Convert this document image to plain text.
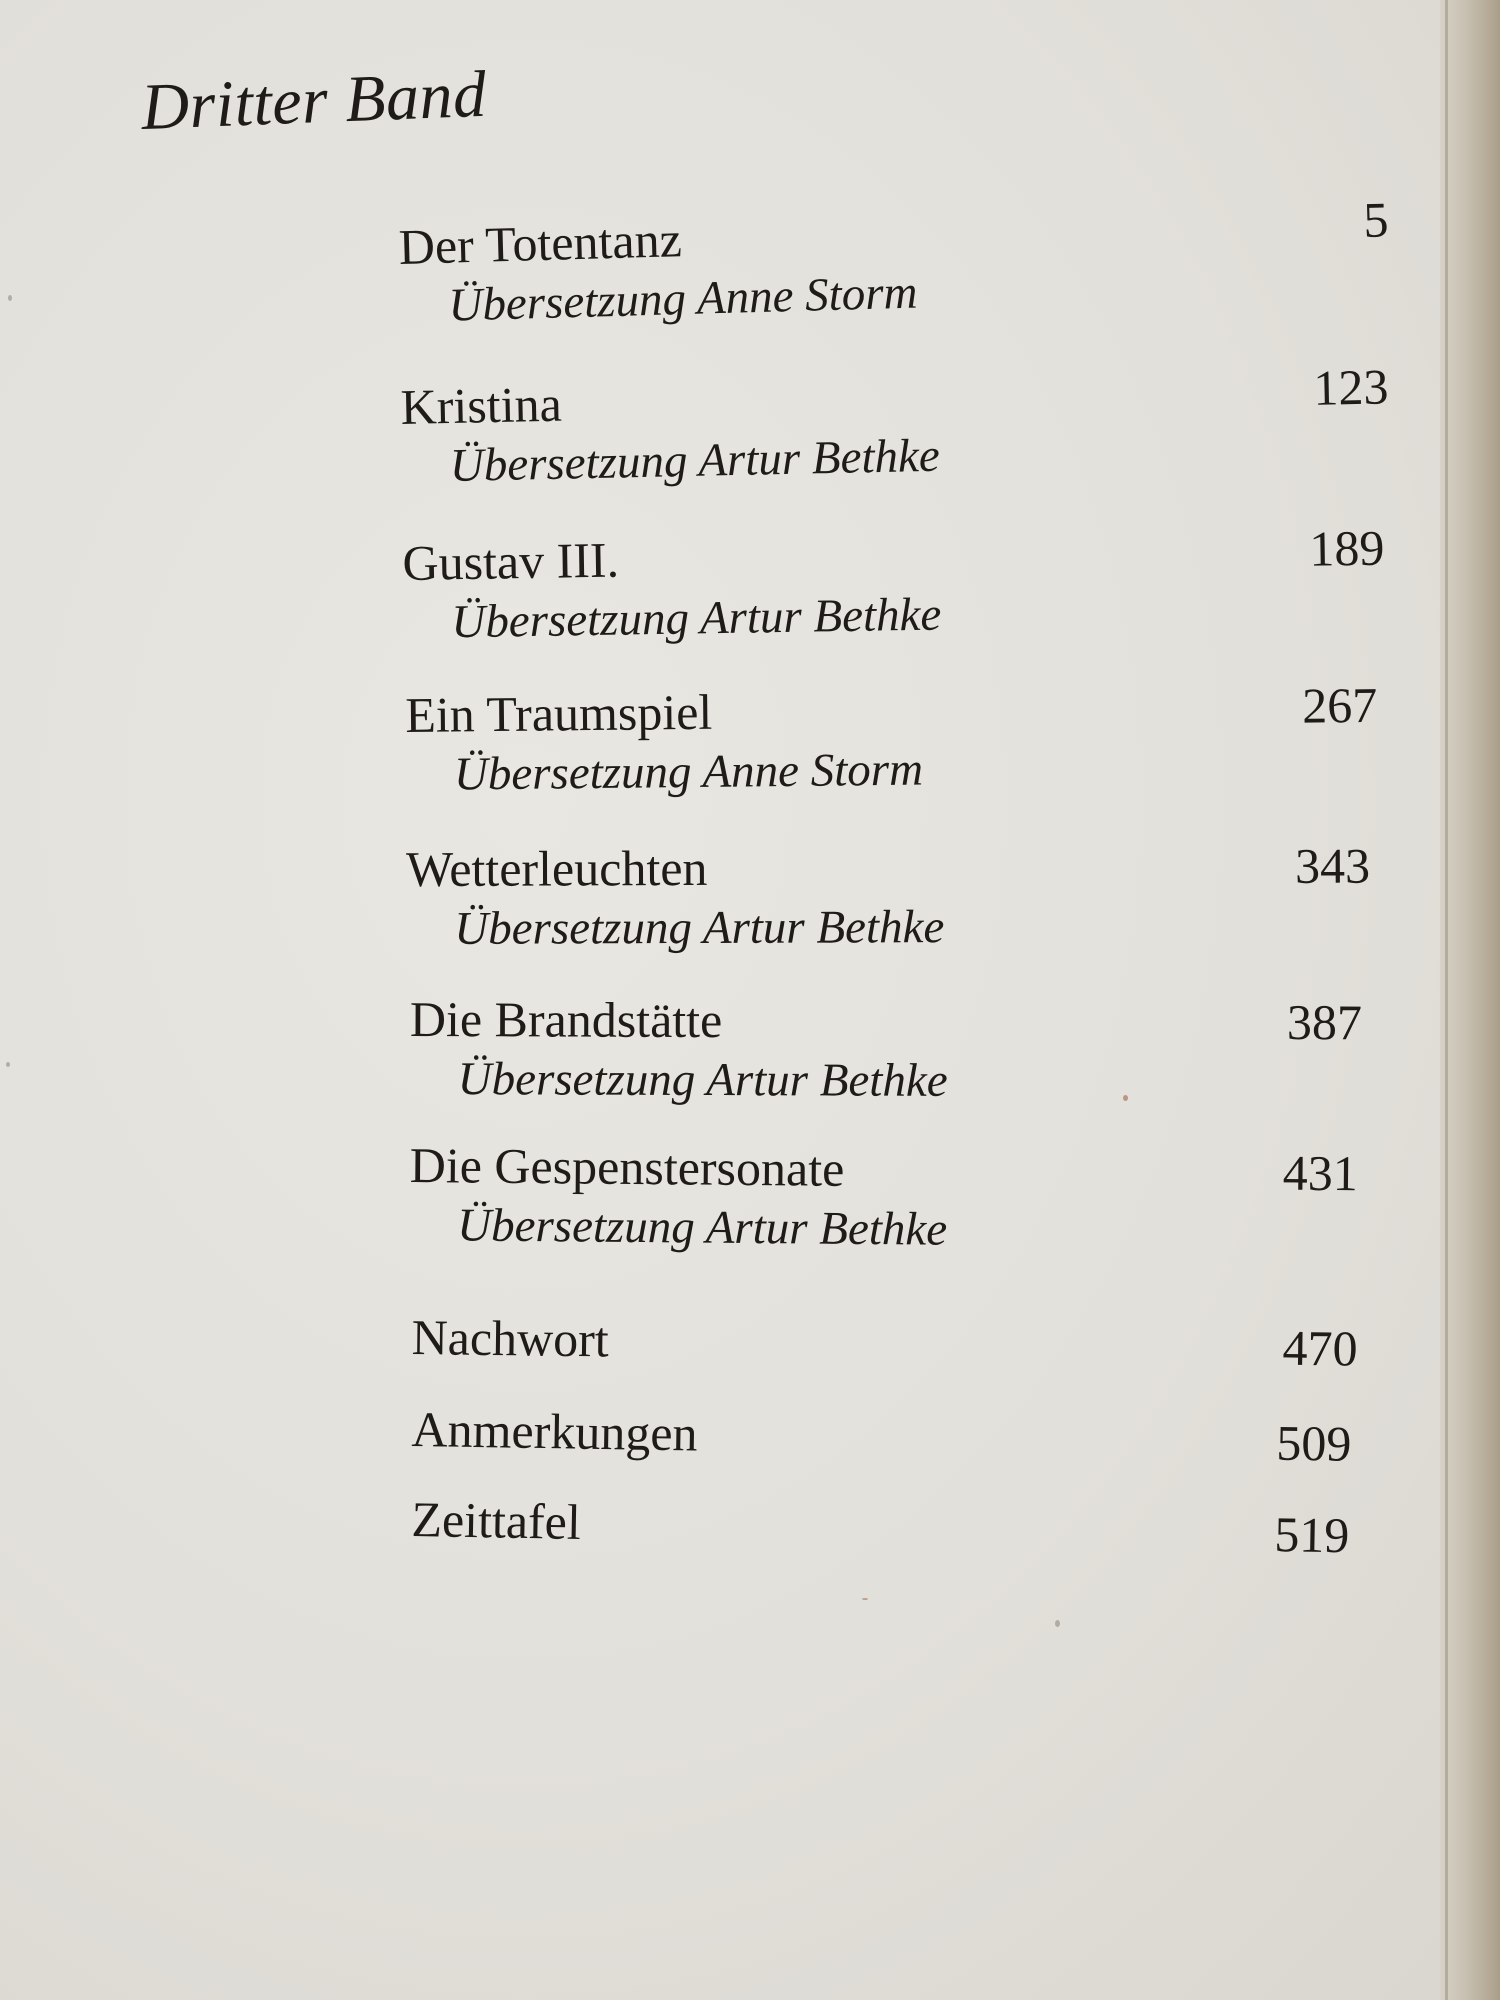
Dritter Band
Der Totentanz	5
Übersetzung Anne Storm
Kristina	123
Übersetzung Artur Bethke
Gustav III.	189
Übersetzung Artur Bethke
Ein Traumspiel	267
Übersetzung Anne Storm
Wetterleuchten	343
Übersetzung Artur Bethke
Die Brandstätte	387
Übersetzung Artur Bethke
Die Gespenstersonate	431
Übersetzung Artur Bethke
Nachwort	470
Anmerkungen	509
Zeittafel	519
